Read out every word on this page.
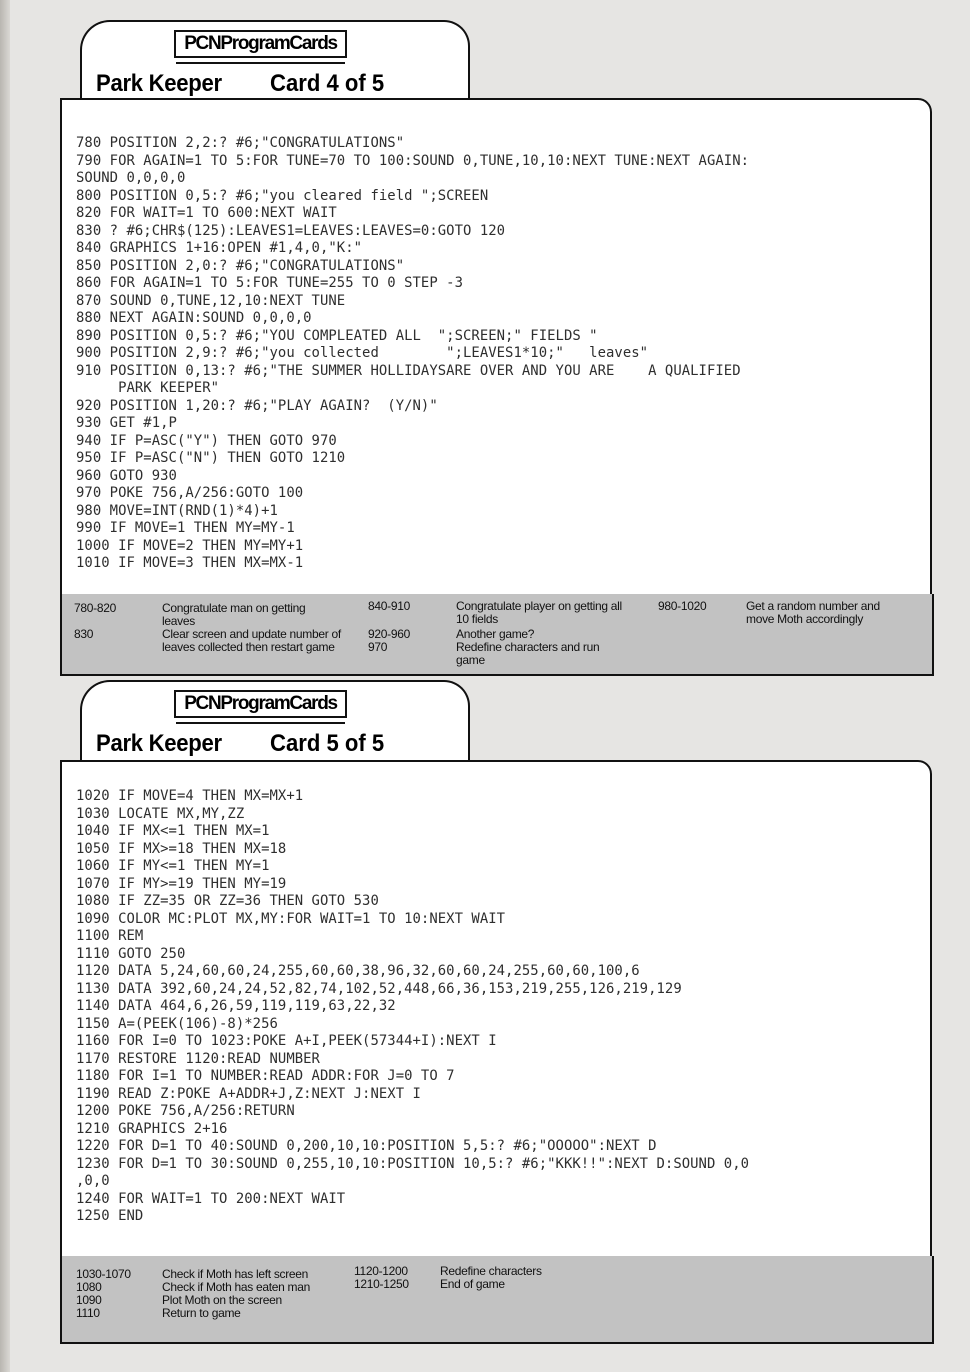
PCNProgramCards
Park Keeper Card 4 of 5
780 POSITION 2,2:? #6;"CONGRATULATIONS"
790 FOR AGAIN=1 TO 5:FOR TUNE=70 TO 100:SOUND 0,TUNE,10,10:NEXT TUNE:NEXT AGAIN:
SOUND 0,0,0,0
800 POSITION 0,5:? #6;"you cleared field ";SCREEN
820 FOR WAIT=1 TO 600:NEXT WAIT
830 ? #6;CHR$(125):LEAVES1=LEAVES:LEAVES=0:GOTO 120
840 GRAPHICS 1+16:OPEN #1,4,0,"K:"
850 POSITION 2,0:? #6;"CONGRATULATIONS"
860 FOR AGAIN=1 TO 5:FOR TUNE=255 TO 0 STEP -3
870 SOUND 0,TUNE,12,10:NEXT TUNE
880 NEXT AGAIN:SOUND 0,0,0,0
890 POSITION 0,5:? #6;"YOU COMPLEATED ALL  ";SCREEN;" FIELDS "
900 POSITION 2,9:? #6;"you collected        ";LEAVES1*10;"   leaves"
910 POSITION 0,13:? #6;"THE SUMMER HOLLIDAYSARE OVER AND YOU ARE    A QUALIFIED
PARK KEEPER"
920 POSITION 1,20:? #6;"PLAY AGAIN?  (Y/N)"
930 GET #1,P
940 IF P=ASC("Y") THEN GOTO 970
950 IF P=ASC("N") THEN GOTO 1210
960 GOTO 930
970 POKE 756,A/256:GOTO 100
980 MOVE=INT(RND(1)*4)+1
990 IF MOVE=1 THEN MY=MY-1
1000 IF MOVE=2 THEN MY=MY+1
1010 IF MOVE=3 THEN MX=MX-1
780-820	Congratulate man on getting leaves
830	Clear screen and update number of leaves collected then restart game
840-910	Congratulate player on getting all 10 fields
920-960	Another game?
970	Redefine characters and run game
980-1020	Get a random number and move Moth accordingly
PCNProgramCards
Park Keeper Card 5 of 5
1020 IF MOVE=4 THEN MX=MX+1
1030 LOCATE MX,MY,ZZ
1040 IF MX<=1 THEN MX=1
1050 IF MX>=18 THEN MX=18
1060 IF MY<=1 THEN MY=1
1070 IF MY>=19 THEN MY=19
1080 IF ZZ=35 OR ZZ=36 THEN GOTO 530
1090 COLOR MC:PLOT MX,MY:FOR WAIT=1 TO 10:NEXT WAIT
1100 REM
1110 GOTO 250
1120 DATA 5,24,60,60,24,255,60,60,38,96,32,60,60,24,255,60,60,100,6
1130 DATA 392,60,24,24,52,82,74,102,52,448,66,36,153,219,255,126,219,129
1140 DATA 464,6,26,59,119,119,63,22,32
1150 A=(PEEK(106)-8)*256
1160 FOR I=0 TO 1023:POKE A+I,PEEK(57344+I):NEXT I
1170 RESTORE 1120:READ NUMBER
1180 FOR I=1 TO NUMBER:READ ADDR:FOR J=0 TO 7
1190 READ Z:POKE A+ADDR+J,Z:NEXT J:NEXT I
1200 POKE 756,A/256:RETURN
1210 GRAPHICS 2+16
1220 FOR D=1 TO 40:SOUND 0,200,10,10:POSITION 5,5:? #6;"OOOOO":NEXT D
1230 FOR D=1 TO 30:SOUND 0,255,10,10:POSITION 10,5:? #6;"KKK!!":NEXT D:SOUND 0,0
,0,0
1240 FOR WAIT=1 TO 200:NEXT WAIT
1250 END
1030-1070	Check if Moth has left screen
1080	Check if Moth has eaten man
1090	Plot Moth on the screen
1110	Return to game
1120-1200	Redefine characters
1210-1250	End of game
